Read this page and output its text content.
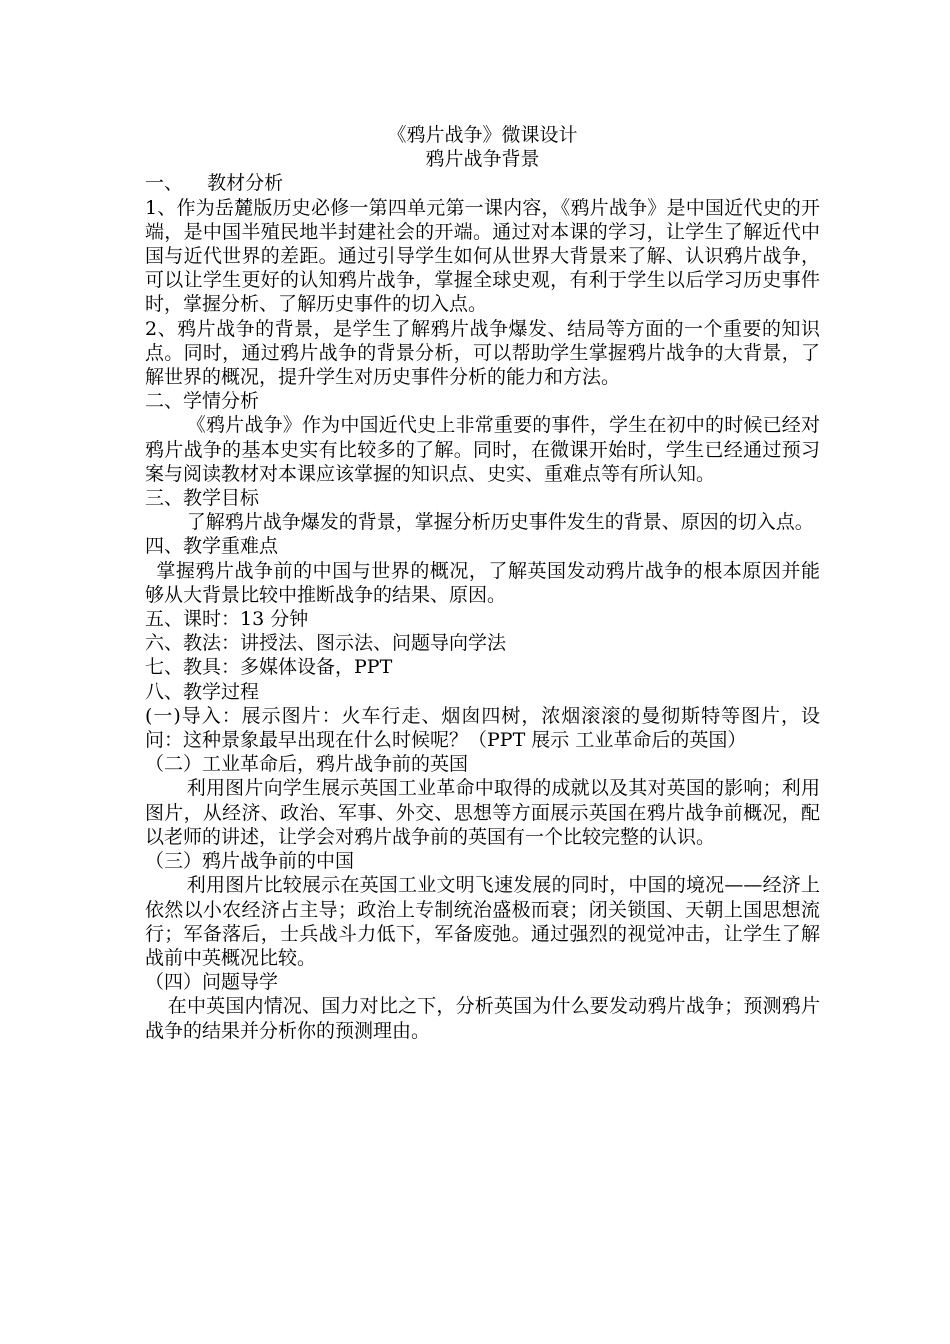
《鸦片战争》微课设计
鸦片战争背景
一、    教材分析

1、作为岳麓版历史必修一第四单元第一课内容，《鸦片战争》是中国近代史的开端，是中国半殖民地半封建社会的开端。通过对本课的学习，让学生了解近代中国与近代世界的差距。通过引导学生如何从世界大背景来了解、认识鸦片战争，可以让学生更好的认知鸦片战争，掌握全球史观，有利于学生以后学习历史事件时，掌握分析、了解历史事件的切入点。

2、鸦片战争的背景，是学生了解鸦片战争爆发、结局等方面的一个重要的知识点。同时，通过鸦片战争的背景分析，可以帮助学生掌握鸦片战争的大背景，了解世界的概况，提升学生对历史事件分析的能力和方法。

二、学情分析

《鸦片战争》作为中国近代史上非常重要的事件，学生在初中的时候已经对鸦片战争的基本史实有比较多的了解。同时，在微课开始时，学生已经通过预习案与阅读教材对本课应该掌握的知识点、史实、重难点等有所认知。

三、教学目标

了解鸦片战争爆发的背景，掌握分析历史事件发生的背景、原因的切入点。

四、教学重难点

掌握鸦片战争前的中国与世界的概况，了解英国发动鸦片战争的根本原因并能够从大背景比较中推断战争的结果、原因。

五、课时：13 分钟
六、教法：讲授法、图示法、问题导向学法
七、教具：多媒体设备，PPT
八、教学过程

(一)导入：展示图片：火车行走、烟囱四树，浓烟滚滚的曼彻斯特等图片，设问：这种景象最早出现在什么时候呢？（PPT 展示 工业革命后的英国）

（二）工业革命后，鸦片战争前的英国

利用图片向学生展示英国工业革命中取得的成就以及其对英国的影响；利用图片，从经济、政治、军事、外交、思想等方面展示英国在鸦片战争前概况，配以老师的讲述，让学会对鸦片战争前的英国有一个比较完整的认识。

（三）鸦片战争前的中国

利用图片比较展示在英国工业文明飞速发展的同时，中国的境况——经济上依然以小农经济占主导；政治上专制统治盛极而衰；闭关锁国、天朝上国思想流行；军备落后，士兵战斗力低下，军备废弛。通过强烈的视觉冲击，让学生了解战前中英概况比较。

（四）问题导学

在中英国内情况、国力对比之下，分析英国为什么要发动鸦片战争；预测鸦片战争的结果并分析你的预测理由。
